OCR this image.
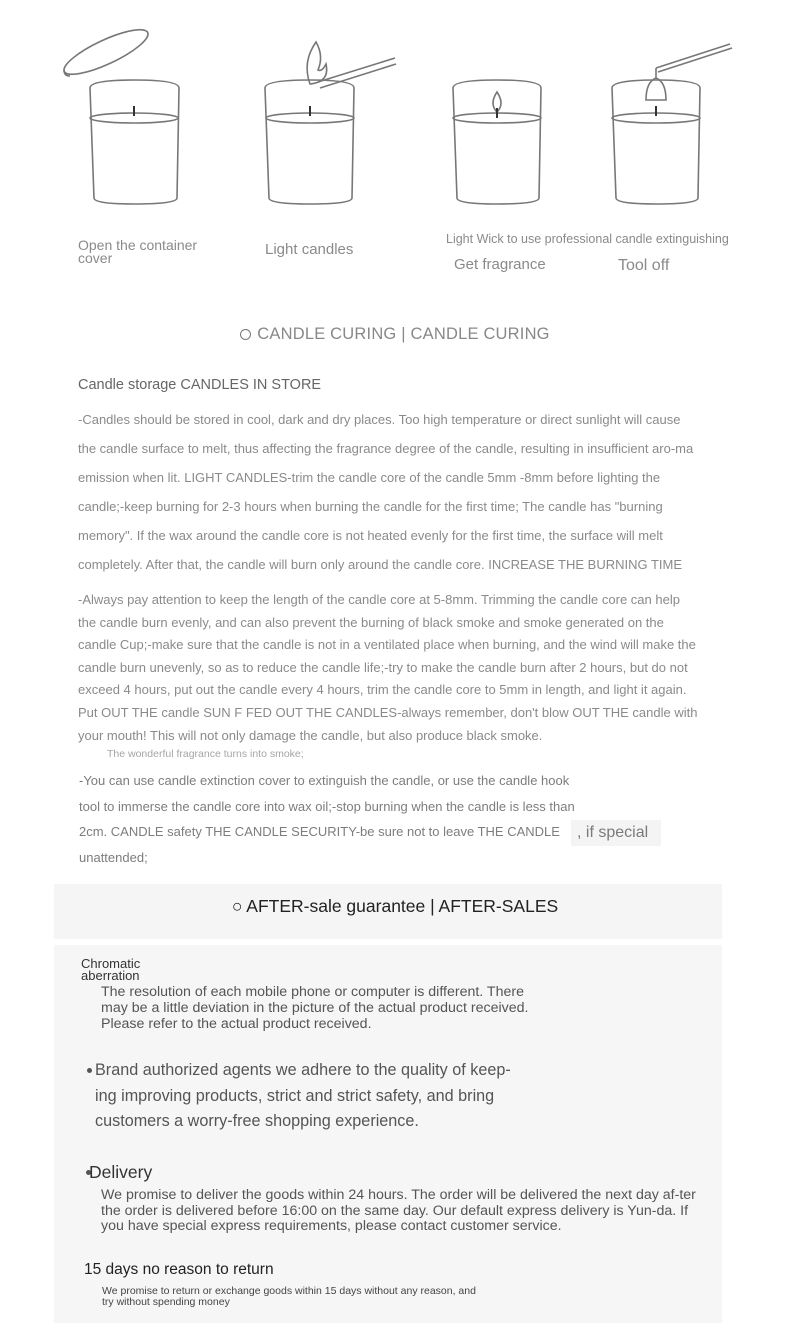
Open the container cover	Light candles
Light Wick to use professional candle extinguishing
Get fragrance	Tool off
CANDLE CURING | CANDLE CURING
Candle storage CANDLES IN STORE
-Candles should be stored in cool, dark and dry places. Too high temperature or direct sunlight will cause the candle surface to melt, thus affecting the fragrance degree of the candle, resulting in insufficient aro-ma emission when lit. LIGHT CANDLES-trim the candle core of the candle 5mm -8mm before lighting the candle;-keep burning for 2-3 hours when burning the candle for the first time; The candle has "burning memory". If the wax around the candle core is not heated evenly for the first time, the surface will melt completely. After that, the candle will burn only around the candle core. INCREASE THE BURNING TIME
-Always pay attention to keep the length of the candle core at 5-8mm. Trimming the candle core can help the candle burn evenly, and can also prevent the burning of black smoke and smoke generated on the candle Cup;-make sure that the candle is not in a ventilated place when burning, and the wind will make the candle burn unevenly, so as to reduce the candle life;-try to make the candle burn after 2 hours, but do not exceed 4 hours, put out the candle every 4 hours, trim the candle core to 5mm in length, and light it again. Put OUT THE candle SUN F FED OUT THE CANDLES-always remember, don't blow OUT THE candle with your mouth! This will not only damage the candle, but also produce black smoke.
The wonderful fragrance turns into smoke;
-You can use candle extinction cover to extinguish the candle, or use the candle hook tool to immerse the candle core into wax oil;-stop burning when the candle is less than 2cm. CANDLE safety THE CANDLE SECURITY-be sure not to leave THE CANDLE unattended;
, if special
○ AFTER-sale guarantee | AFTER-SALES
Chromatic aberration
The resolution of each mobile phone or computer is different. There may be a little deviation in the picture of the actual product received. Please refer to the actual product received.
Brand authorized agents we adhere to the quality of keep-ing improving products, strict and strict safety, and bring customers a worry-free shopping experience.
Delivery
We promise to deliver the goods within 24 hours. The order will be delivered the next day af-ter the order is delivered before 16:00 on the same day. Our default express delivery is Yun-da. If you have special express requirements, please contact customer service.
15 days no reason to return
We promise to return or exchange goods within 15 days without any reason, and try without spending money
